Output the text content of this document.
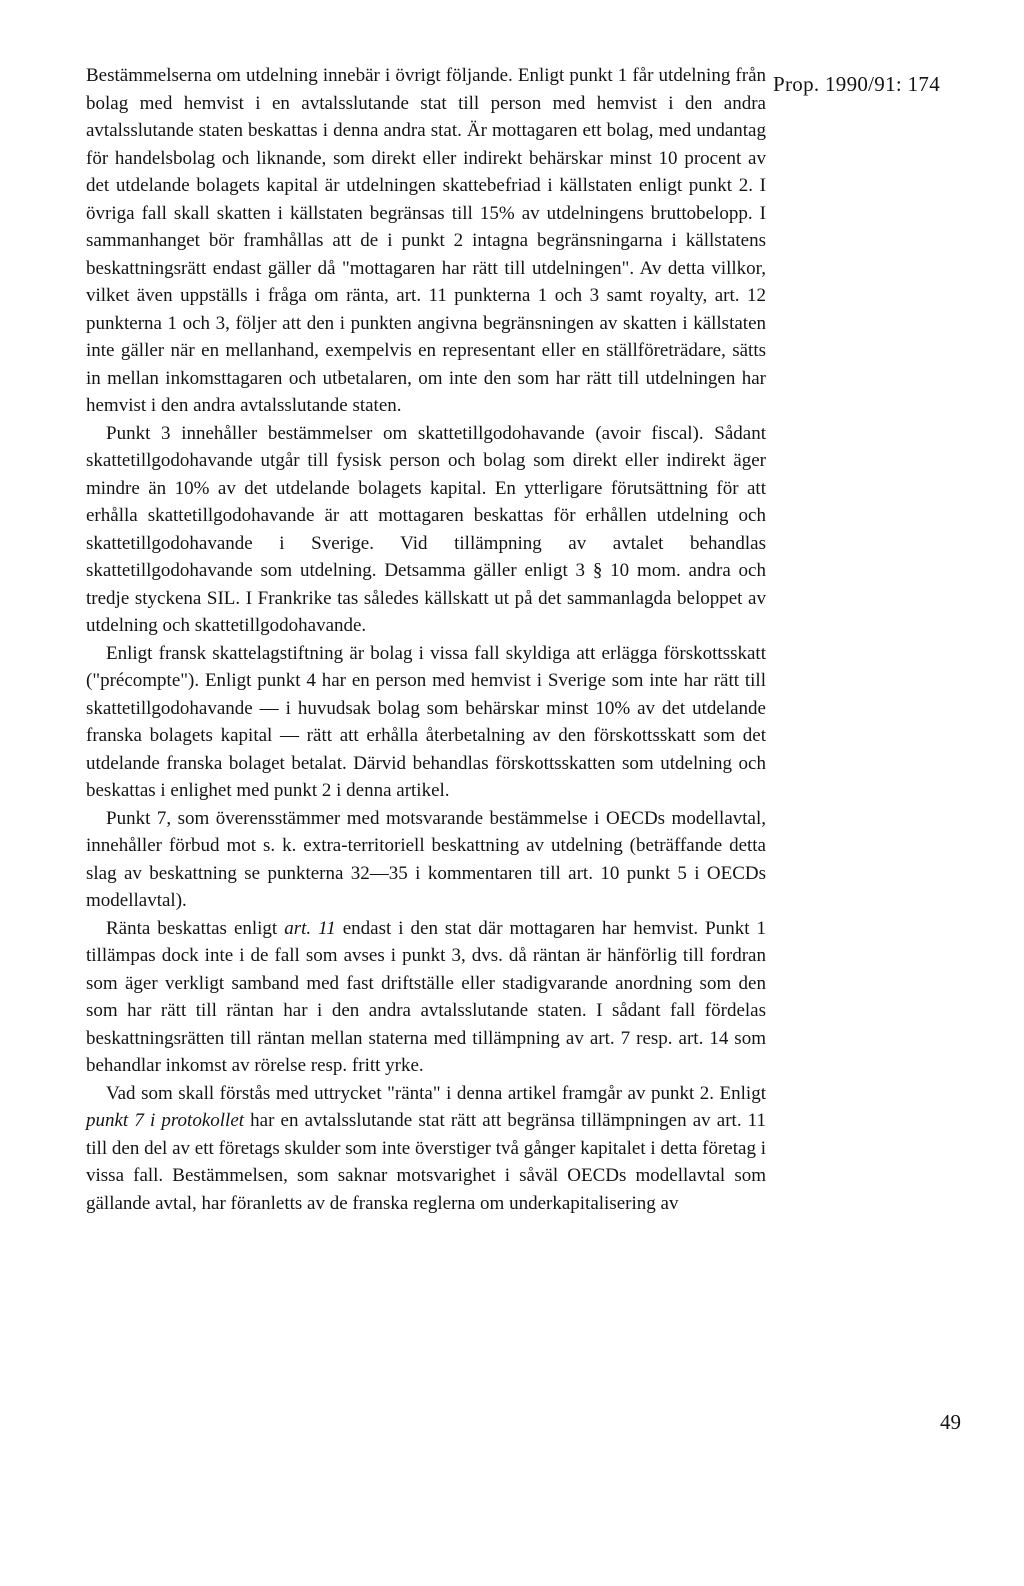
Prop. 1990/91: 174

Bestämmelserna om utdelning innebär i övrigt följande. Enligt punkt 1 får utdelning från bolag med hemvist i en avtalsslutande stat till person med hemvist i den andra avtalsslutande staten beskattas i denna andra stat. Är mottagaren ett bolag, med undantag för handelsbolag och liknande, som direkt eller indirekt behärskar minst 10 procent av det utdelande bolagets kapital är utdelningen skattebefriad i källstaten enligt punkt 2. I övriga fall skall skatten i källstaten begränsas till 15% av utdelningens bruttobelopp. I sammanhanget bör framhållas att de i punkt 2 intagna begränsningarna i källstatens beskattningsrätt endast gäller då "mottagaren har rätt till utdelningen". Av detta villkor, vilket även uppställs i fråga om ränta, art. 11 punkterna 1 och 3 samt royalty, art. 12 punkterna 1 och 3, följer att den i punkten angivna begränsningen av skatten i källstaten inte gäller när en mellanhand, exempelvis en representant eller en ställföreträdare, sätts in mellan inkomsttagaren och utbetalaren, om inte den som har rätt till utdelningen har hemvist i den andra avtalsslutande staten.

Punkt 3 innehåller bestämmelser om skattetillgodohavande (avoir fiscal). Sådant skattetillgodohavande utgår till fysisk person och bolag som direkt eller indirekt äger mindre än 10% av det utdelande bolagets kapital. En ytterligare förutsättning för att erhålla skattetillgodohavande är att mottagaren beskattas för erhållen utdelning och skattetillgodohavande i Sverige. Vid tillämpning av avtalet behandlas skattetillgodohavande som utdelning. Detsamma gäller enligt 3 § 10 mom. andra och tredje styckena SIL. I Frankrike tas således källskatt ut på det sammanlagda beloppet av utdelning och skattetillgodohavande.

Enligt fransk skattelagstiftning är bolag i vissa fall skyldiga att erlägga förskottsskatt ("précompte"). Enligt punkt 4 har en person med hemvist i Sverige som inte har rätt till skattetillgodohavande — i huvudsak bolag som behärskar minst 10% av det utdelande franska bolagets kapital — rätt att erhålla återbetalning av den förskottsskatt som det utdelande franska bolaget betalat. Därvid behandlas förskottsskatten som utdelning och beskattas i enlighet med punkt 2 i denna artikel.

Punkt 7, som överensstämmer med motsvarande bestämmelse i OECDs modellavtal, innehåller förbud mot s. k. extra-territoriell beskattning av utdelning (beträffande detta slag av beskattning se punkterna 32—35 i kommentaren till art. 10 punkt 5 i OECDs modellavtal).

Ränta beskattas enligt art. 11 endast i den stat där mottagaren har hemvist. Punkt 1 tillämpas dock inte i de fall som avses i punkt 3, dvs. då räntan är hänförlig till fordran som äger verkligt samband med fast driftställe eller stadigvarande anordning som den som har rätt till räntan har i den andra avtalsslutande staten. I sådant fall fördelas beskattningsrätten till räntan mellan staterna med tillämpning av art. 7 resp. art. 14 som behandlar inkomst av rörelse resp. fritt yrke.

Vad som skall förstås med uttrycket "ränta" i denna artikel framgår av punkt 2. Enligt punkt 7 i protokollet har en avtalsslutande stat rätt att begränsa tillämpningen av art. 11 till den del av ett företags skulder som inte överstiger två gånger kapitalet i detta företag i vissa fall. Bestämmelsen, som saknar motsvarighet i såväl OECDs modellavtal som gällande avtal, har föranletts av de franska reglerna om underkapitalisering av

49
